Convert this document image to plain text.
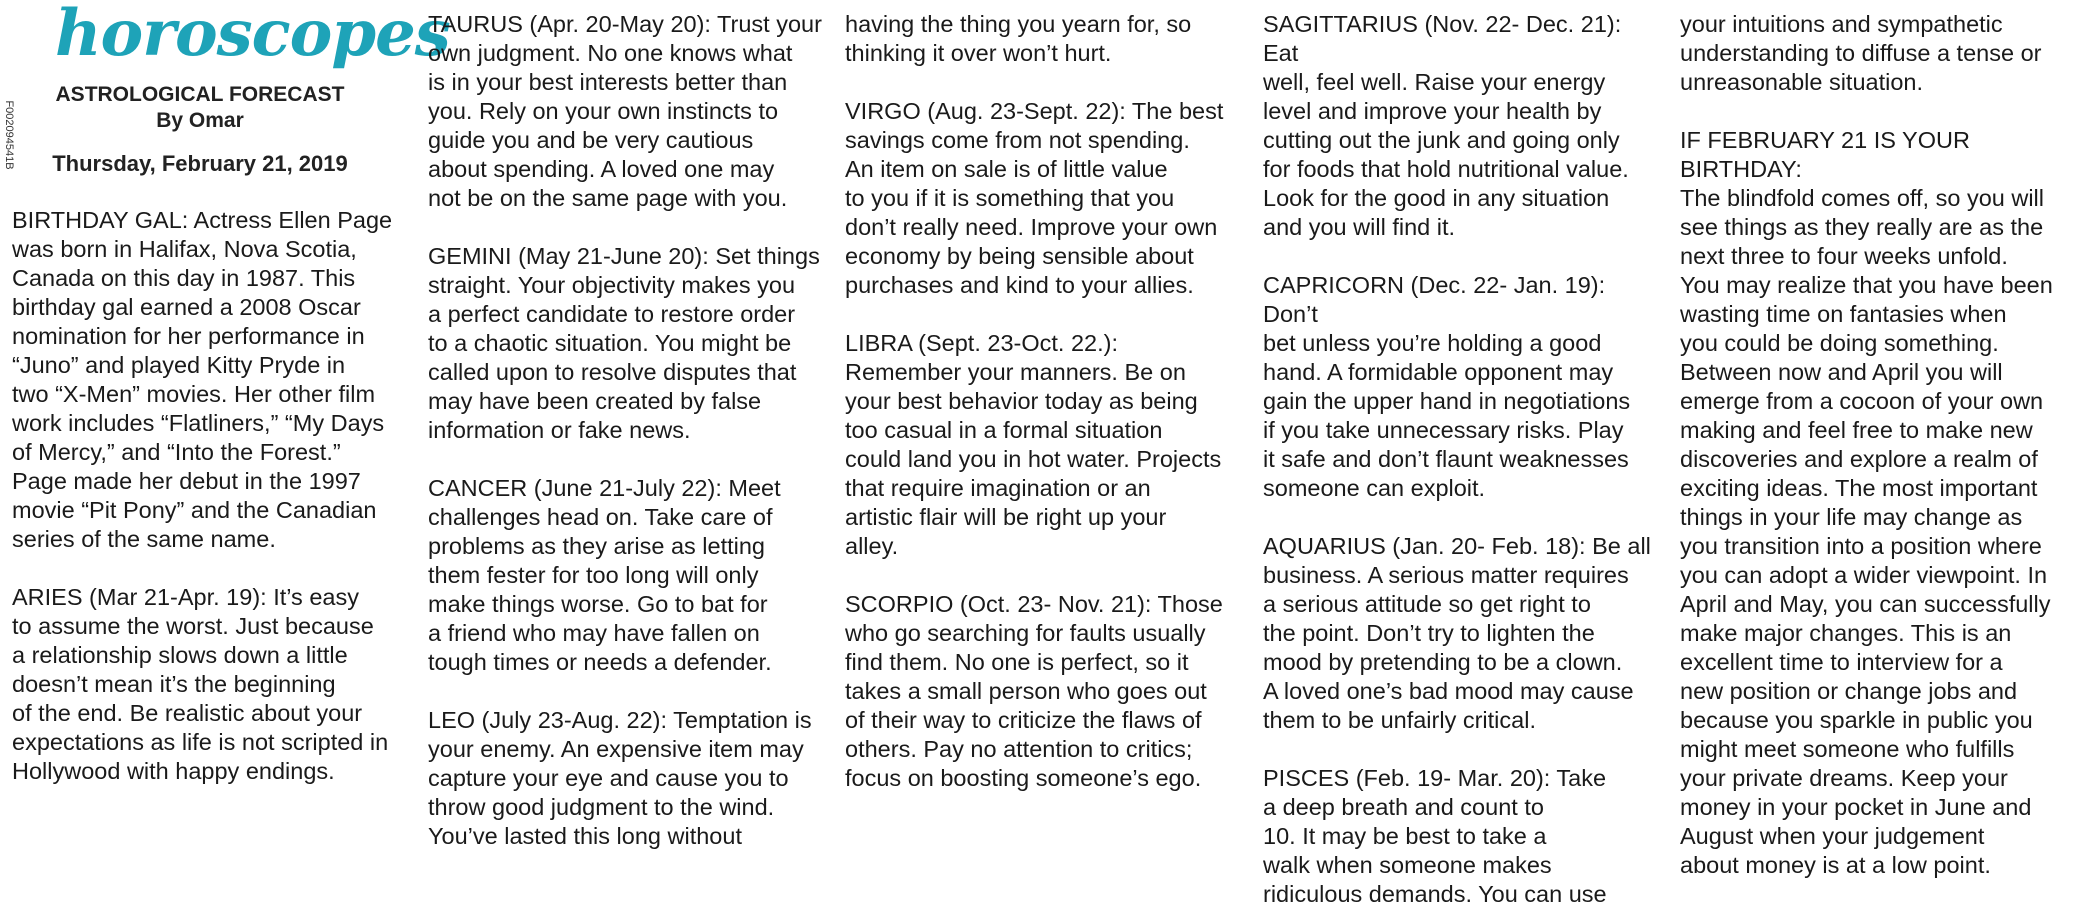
horoscopes
ASTROLOGICAL FORECAST
By Omar
Thursday, February 21, 2019
F002094541B

BIRTHDAY GAL: Actress Ellen Page
was born in Halifax, Nova Scotia,
Canada on this day in 1987. This
birthday gal earned a 2008 Oscar
nomination for her performance in
“Juno” and played Kitty Pryde in
two “X-Men” movies. Her other film
work includes “Flatliners,” “My Days
of Mercy,” and “Into the Forest.”
Page made her debut in the 1997
movie “Pit Pony” and the Canadian
series of the same name.

ARIES (Mar 21-Apr. 19): It’s easy
to assume the worst. Just because
a relationship slows down a little
doesn’t mean it’s the beginning
of the end. Be realistic about your
expectations as life is not scripted in
Hollywood with happy endings.

TAURUS (Apr. 20-May 20): Trust your
own judgment. No one knows what
is in your best interests better than
you. Rely on your own instincts to
guide you and be very cautious
about spending. A loved one may
not be on the same page with you.

GEMINI (May 21-June 20): Set things
straight. Your objectivity makes you
a perfect candidate to restore order
to a chaotic situation. You might be
called upon to resolve disputes that
may have been created by false
information or fake news.

CANCER (June 21-July 22): Meet
challenges head on. Take care of
problems as they arise as letting
them fester for too long will only
make things worse. Go to bat for
a friend who may have fallen on
tough times or needs a defender.

LEO (July 23-Aug. 22): Temptation is
your enemy. An expensive item may
capture your eye and cause you to
throw good judgment to the wind.
You’ve lasted this long without

having the thing you yearn for, so
thinking it over won’t hurt.

VIRGO (Aug. 23-Sept. 22): The best
savings come from not spending.
An item on sale is of little value
to you if it is something that you
don’t really need. Improve your own
economy by being sensible about
purchases and kind to your allies.

LIBRA (Sept. 23-Oct. 22.):
Remember your manners. Be on
your best behavior today as being
too casual in a formal situation
could land you in hot water. Projects
that require imagination or an
artistic flair will be right up your
alley.

SCORPIO (Oct. 23- Nov. 21): Those
who go searching for faults usually
find them. No one is perfect, so it
takes a small person who goes out
of their way to criticize the flaws of
others. Pay no attention to critics;
focus on boosting someone’s ego.

SAGITTARIUS (Nov. 22- Dec. 21): Eat
well, feel well. Raise your energy
level and improve your health by
cutting out the junk and going only
for foods that hold nutritional value.
Look for the good in any situation
and you will find it.

CAPRICORN (Dec. 22- Jan. 19): Don’t
bet unless you’re holding a good
hand. A formidable opponent may
gain the upper hand in negotiations
if you take unnecessary risks. Play
it safe and don’t flaunt weaknesses
someone can exploit.

AQUARIUS (Jan. 20- Feb. 18): Be all
business. A serious matter requires
a serious attitude so get right to
the point. Don’t try to lighten the
mood by pretending to be a clown.
A loved one’s bad mood may cause
them to be unfairly critical.

PISCES (Feb. 19- Mar. 20): Take
a deep breath and count to
10. It may be best to take a
walk when someone makes
ridiculous demands. You can use

your intuitions and sympathetic
understanding to diffuse a tense or
unreasonable situation.

IF FEBRUARY 21 IS YOUR BIRTHDAY:
The blindfold comes off, so you will
see things as they really are as the
next three to four weeks unfold.
You may realize that you have been
wasting time on fantasies when
you could be doing something.
Between now and April you will
emerge from a cocoon of your own
making and feel free to make new
discoveries and explore a realm of
exciting ideas. The most important
things in your life may change as
you transition into a position where
you can adopt a wider viewpoint. In
April and May, you can successfully
make major changes. This is an
excellent time to interview for a
new position or change jobs and
because you sparkle in public you
might meet someone who fulfills
your private dreams. Keep your
money in your pocket in June and
August when your judgement
about money is at a low point.
